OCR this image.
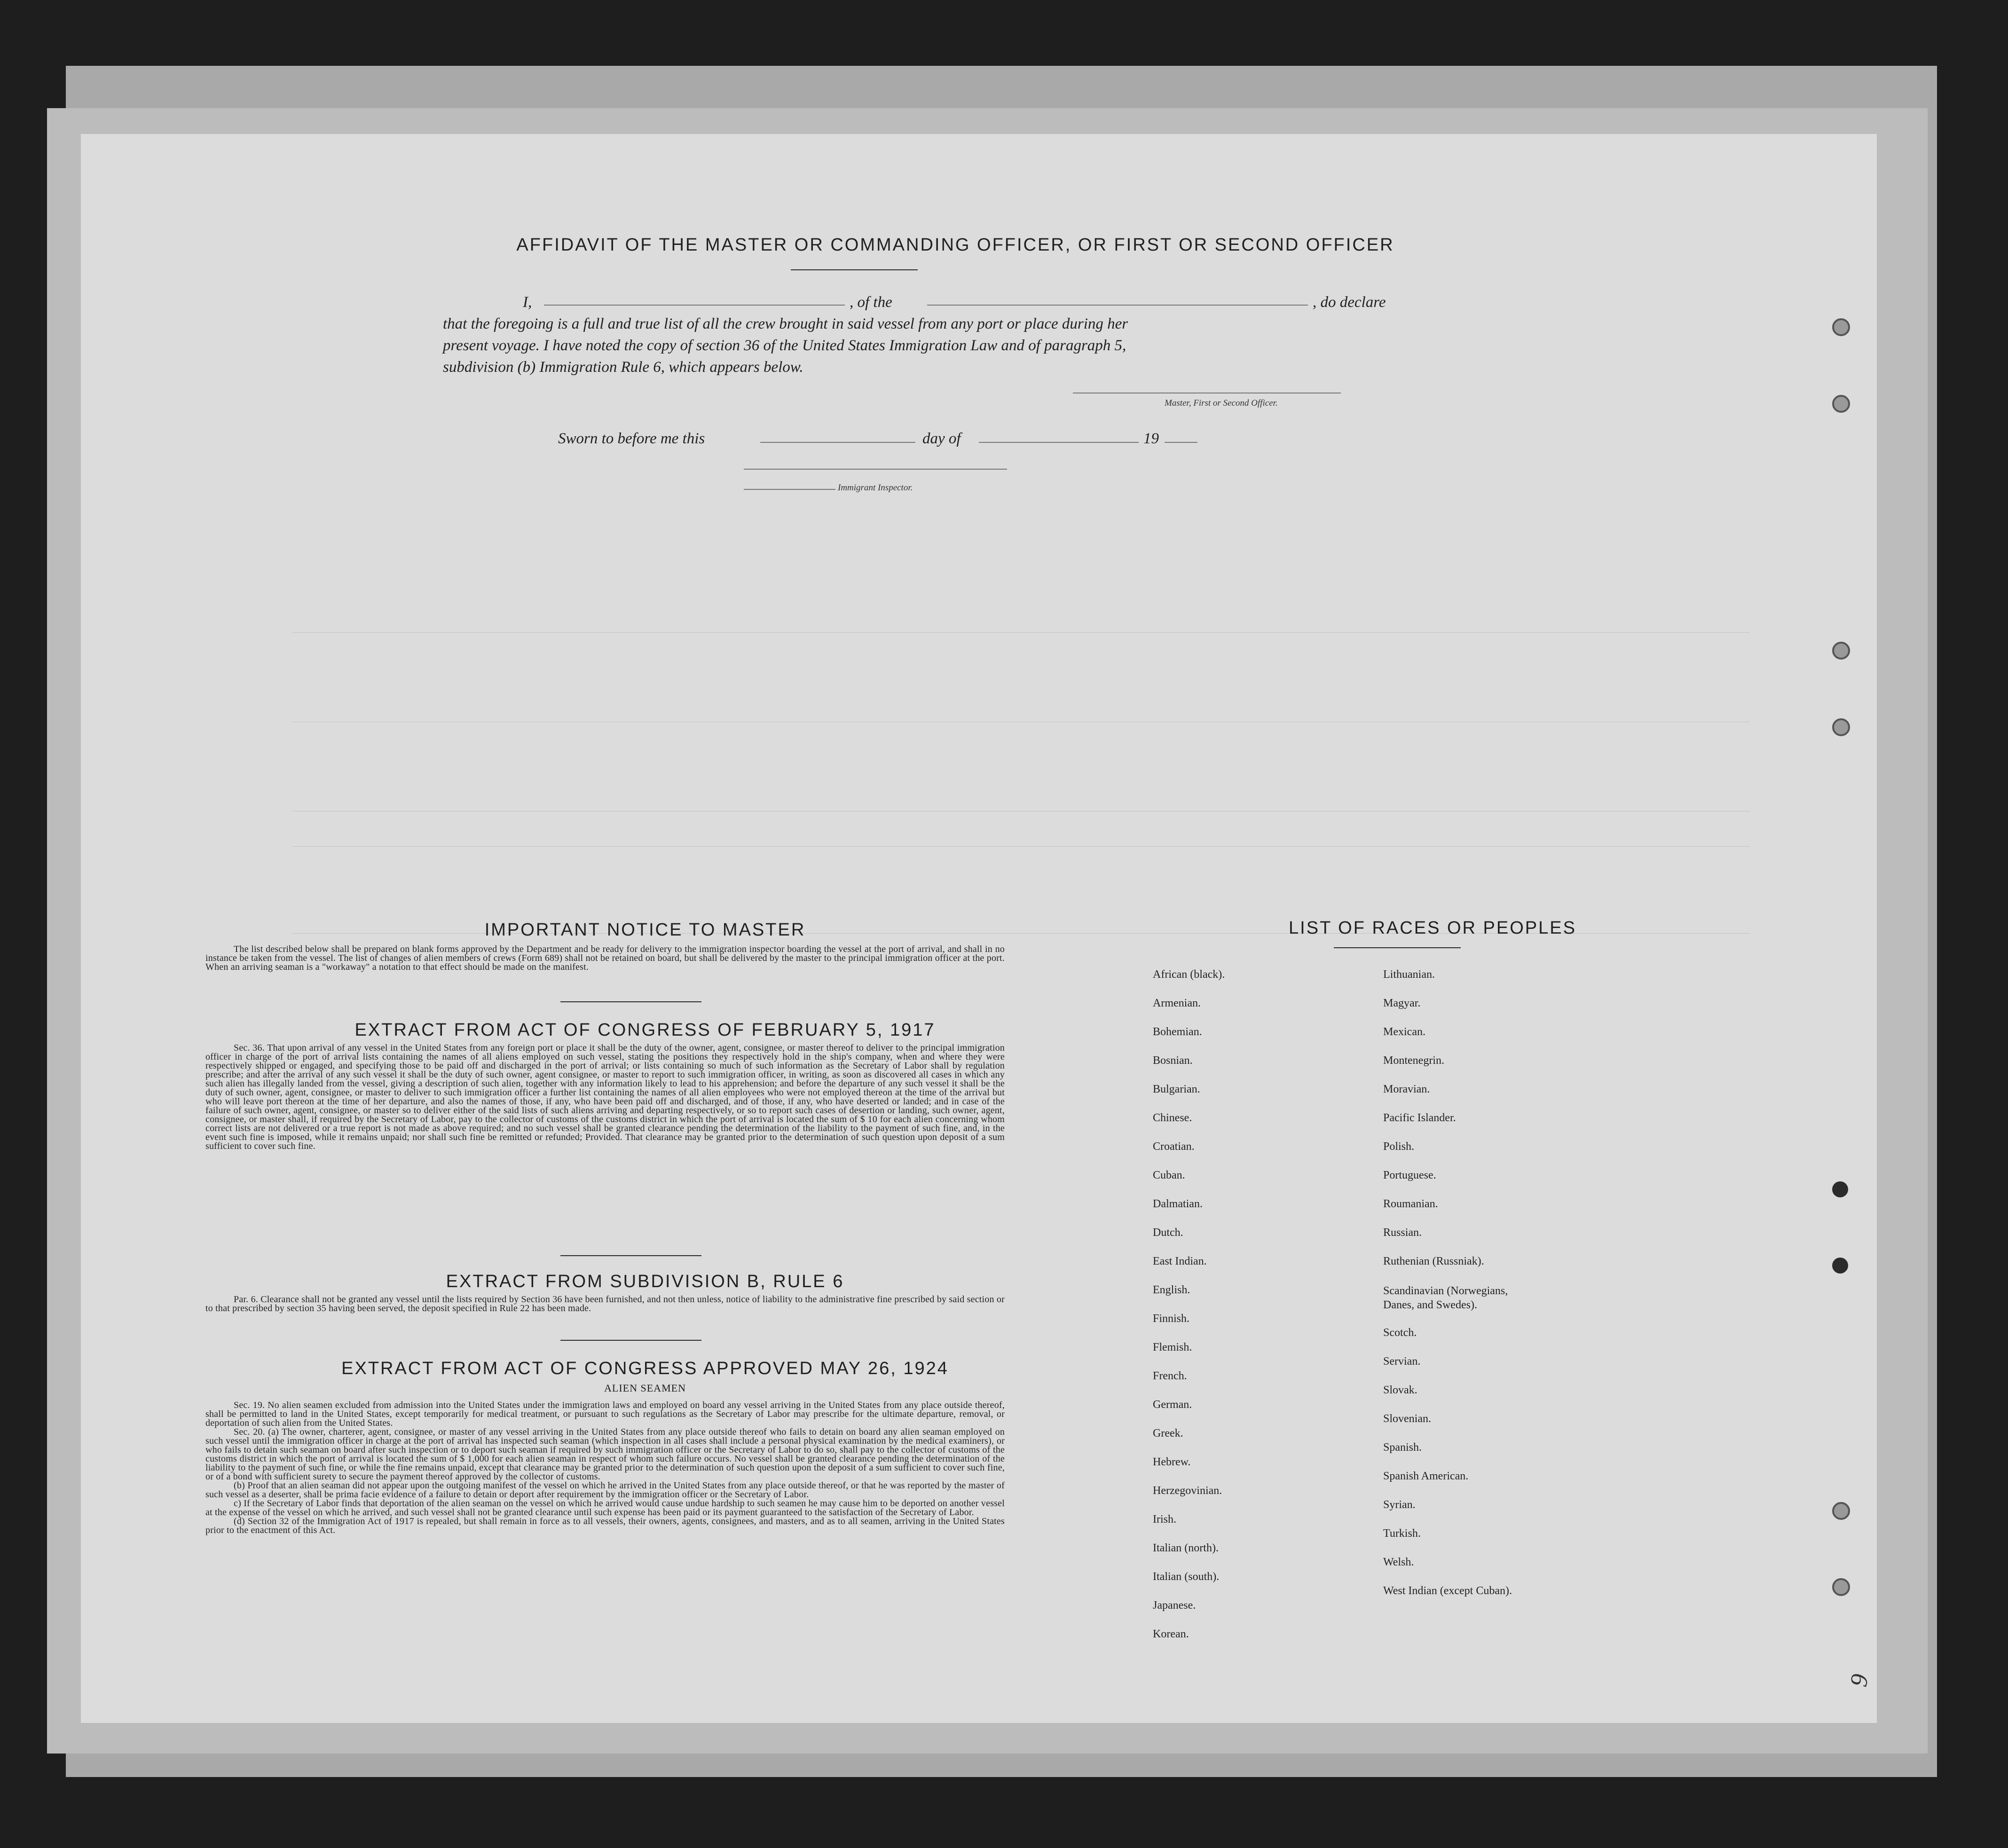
AFFIDAVIT OF THE MASTER OR COMMANDING OFFICER, OR FIRST OR SECOND OFFICER
I,	, of the	, do declare
that the foregoing is a full and true list of all the crew brought in said vessel from any port or place during her
present voyage. I have noted the copy of section 36 of the United States Immigration Law and of paragraph 5,
subdivision (b) Immigration Rule 6, which appears below.
Master, First or Second Officer.
Sworn to before me this	day of	19
Immigrant Inspector.
IMPORTANT NOTICE TO MASTER

The list described below shall be prepared on blank forms approved by the Department and be ready for delivery to the immigration inspector boarding the vessel at the port of arrival, and shall in no instance be taken from the vessel. The list of changes of alien members of crews (Form 689) shall not be retained on board, but shall be delivered by the master to the principal immigration officer at the port. When an arriving seaman is a "workaway" a notation to that effect should be made on the manifest.

EXTRACT FROM ACT OF CONGRESS OF FEBRUARY 5, 1917

Sec. 36. That upon arrival of any vessel in the United States from any foreign port or place it shall be the duty of the owner, agent, consignee, or master thereof to deliver to the principal immigration officer in charge of the port of arrival lists containing the names of all aliens employed on such vessel, stating the positions they respectively hold in the ship's company, when and where they were respectively shipped or engaged, and specifying those to be paid off and discharged in the port of arrival; or lists containing so much of such information as the Secretary of Labor shall by regulation prescribe; and after the arrival of any such vessel it shall be the duty of such owner, agent consignee, or master to report to such immigration officer, in writing, as soon as discovered all cases in which any such alien has illegally landed from the vessel, giving a description of such alien, together with any information likely to lead to his apprehension; and before the departure of any such vessel it shall be the duty of such owner, agent, consignee, or master to deliver to such immigration officer a further list containing the names of all alien employees who were not employed thereon at the time of the arrival but who will leave port thereon at the time of her departure, and also the names of those, if any, who have been paid off and discharged, and of those, if any, who have deserted or landed; and in case of the failure of such owner, agent, consignee, or master so to deliver either of the said lists of such aliens arriving and departing respectively, or so to report such cases of desertion or landing, such owner, agent, consignee, or master shall, if required by the Secretary of Labor, pay to the collector of customs of the customs district in which the port of arrival is located the sum of $ 10 for each alien concerning whom correct lists are not delivered or a true report is not made as above required; and no such vessel shall be granted clearance pending the determination of the liability to the payment of such fine, and, in the event such fine is imposed, while it remains unpaid; nor shall such fine be remitted or refunded; Provided. That clearance may be granted prior to the determination of such question upon deposit of a sum sufficient to cover such fine.

EXTRACT FROM SUBDIVISION B, RULE 6

Par. 6. Clearance shall not be granted any vessel until the lists required by Section 36 have been furnished, and not then unless, notice of liability to the administrative fine prescribed by said section or to that prescribed by section 35 having been served, the deposit specified in Rule 22 has been made.

EXTRACT FROM ACT OF CONGRESS APPROVED MAY 26, 1924
ALIEN SEAMEN

Sec. 19. No alien seamen excluded from admission into the United States under the immigration laws and employed on board any vessel arriving in the United States from any place outside thereof, shall be permitted to land in the United States, except temporarily for medical treatment, or pursuant to such regulations as the Secretary of Labor may prescribe for the ultimate departure, removal, or deportation of such alien from the United States.

Sec. 20. (a) The owner, charterer, agent, consignee, or master of any vessel arriving in the United States from any place outside thereof who fails to detain on board any alien seaman employed on such vessel until the immigration officer in charge at the port of arrival has inspected such seaman (which inspection in all cases shall include a personal physical examination by the medical examiners), or who fails to detain such seaman on board after such inspection or to deport such seaman if required by such immigration officer or the Secretary of Labor to do so, shall pay to the collector of customs of the customs district in which the port of arrival is located the sum of $ 1,000 for each alien seaman in respect of whom such failure occurs. No vessel shall be granted clearance pending the determination of the liability to the payment of such fine, or while the fine remains unpaid, except that clearance may be granted prior to the determination of such question upon the deposit of a sum sufficient to cover such fine, or of a bond with sufficient surety to secure the payment thereof approved by the collector of customs.

(b) Proof that an alien seaman did not appear upon the outgoing manifest of the vessel on which he arrived in the United States from any place outside thereof, or that he was reported by the master of such vessel as a deserter, shall be prima facie evidence of a failure to detain or deport after requirement by the immigration officer or the Secretary of Labor.

c) If the Secretary of Labor finds that deportation of the alien seaman on the vessel on which he arrived would cause undue hardship to such seamen he may cause him to be deported on another vessel at the expense of the vessel on which he arrived, and such vessel shall not be granted clearance until such expense has been paid or its payment guaranteed to the satisfaction of the Secretary of Labor.

(d) Section 32 of the Immigration Act of 1917 is repealed, but shall remain in force as to all vessels, their owners, agents, consignees, and masters, and as to all seamen, arriving in the United States prior to the enactment of this Act.

LIST OF RACES OR PEOPLES
African (black).
Armenian.
Bohemian.
Bosnian.
Bulgarian.
Chinese.
Croatian.
Cuban.
Dalmatian.
Dutch.
East Indian.
English.
Finnish.
Flemish.
French.
German.
Greek.
Hebrew.
Herzegovinian.
Irish.
Italian (north).
Italian (south).
Japanese.
Korean.
Lithuanian.
Magyar.
Mexican.
Montenegrin.
Moravian.
Pacific Islander.
Polish.
Portuguese.
Roumanian.
Russian.
Ruthenian (Russniak).
Scandinavian (Norwegians, Danes, and Swedes).
Scotch.
Servian.
Slovak.
Slovenian.
Spanish.
Spanish American.
Syrian.
Turkish.
Welsh.
West Indian (except Cuban).
9
